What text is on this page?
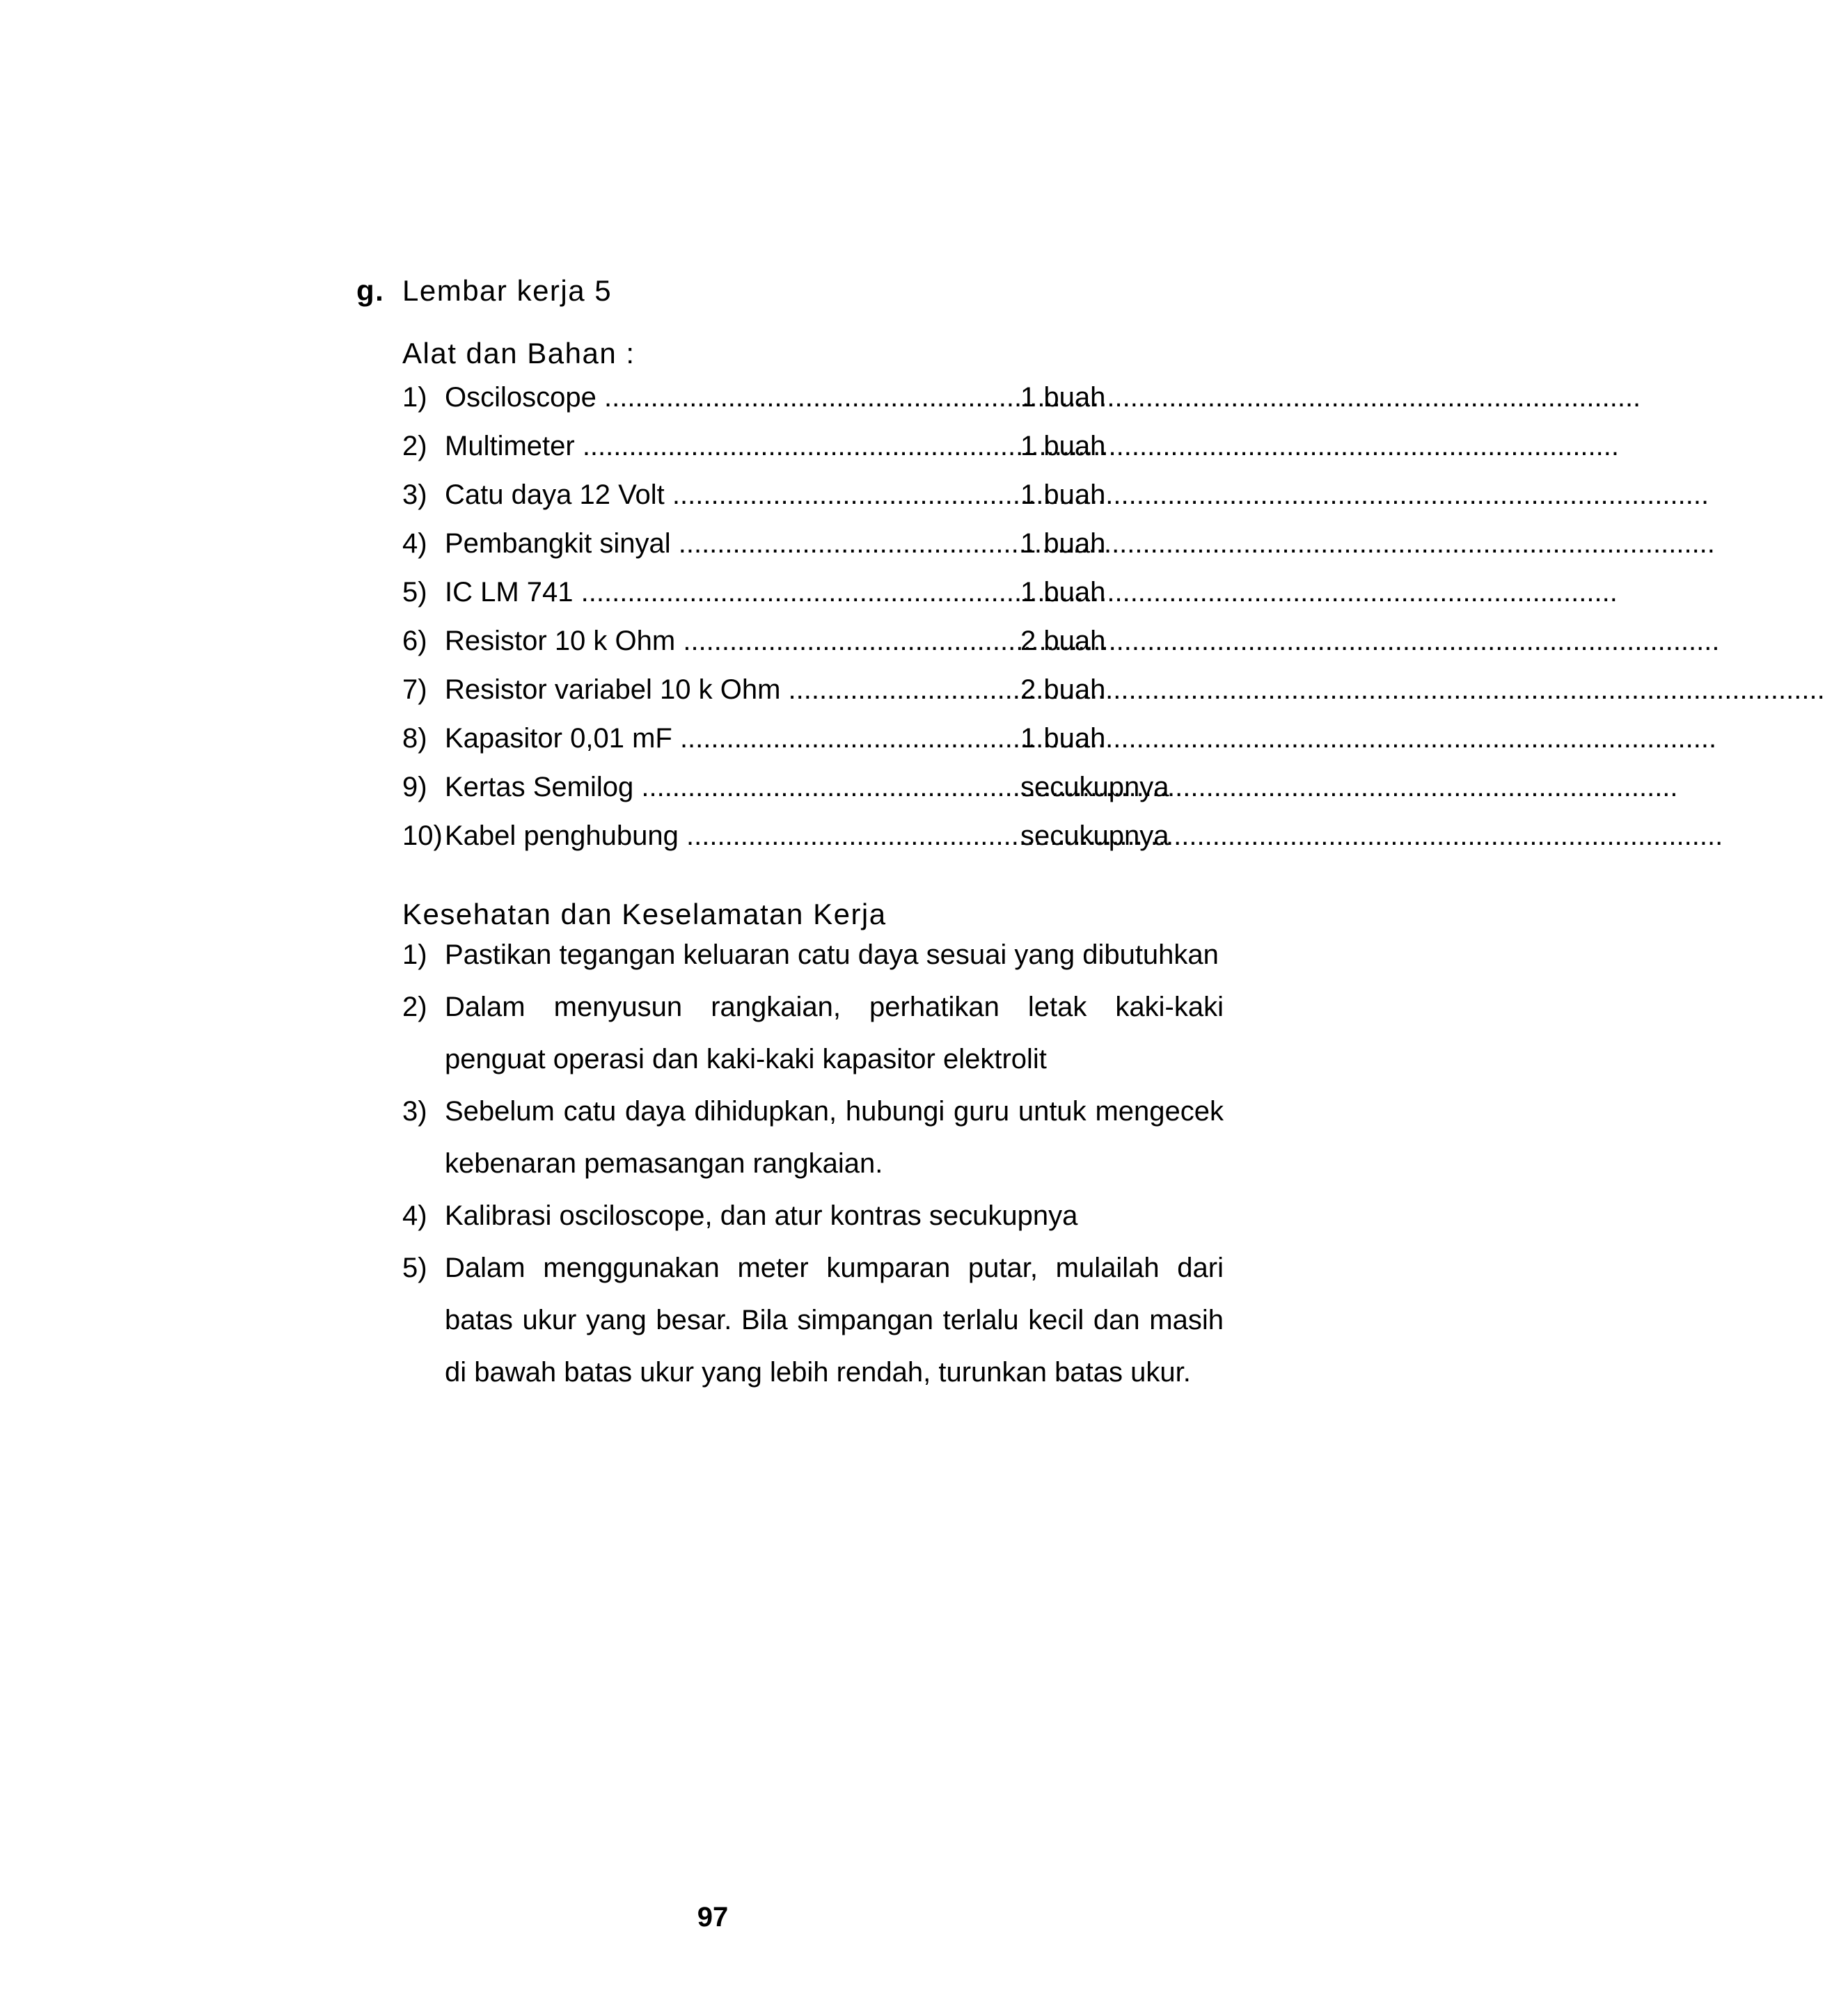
g. Lembar kerja 5
Alat dan Bahan :
1) Osciloscope .....	1 buah
2) Multimeter .....	1 buah
3) Catu daya 12 Volt .....	1 buah
4) Pembangkit sinyal .....	1 buah
5) IC LM 741 .....	1 buah
6) Resistor 10 k Ohm .....	2 buah
7) Resistor variabel 10 k Ohm .....	2 buah
8) Kapasitor 0,01 mF .....	1 buah
9) Kertas Semilog .....	secukupnya
10) Kabel penghubung .....	secukupnya
Kesehatan dan Keselamatan Kerja
1) Pastikan tegangan keluaran catu daya sesuai yang dibutuhkan
2) Dalam menyusun rangkaian, perhatikan letak kaki-kaki penguat operasi dan kaki-kaki kapasitor elektrolit
3) Sebelum catu daya dihidupkan, hubungi guru untuk mengecek kebenaran pemasangan rangkaian.
4) Kalibrasi osciloscope, dan atur kontras secukupnya
5) Dalam menggunakan meter kumparan putar, mulailah dari batas ukur yang besar. Bila simpangan terlalu kecil dan masih di bawah batas ukur yang lebih rendah, turunkan batas ukur.
97
